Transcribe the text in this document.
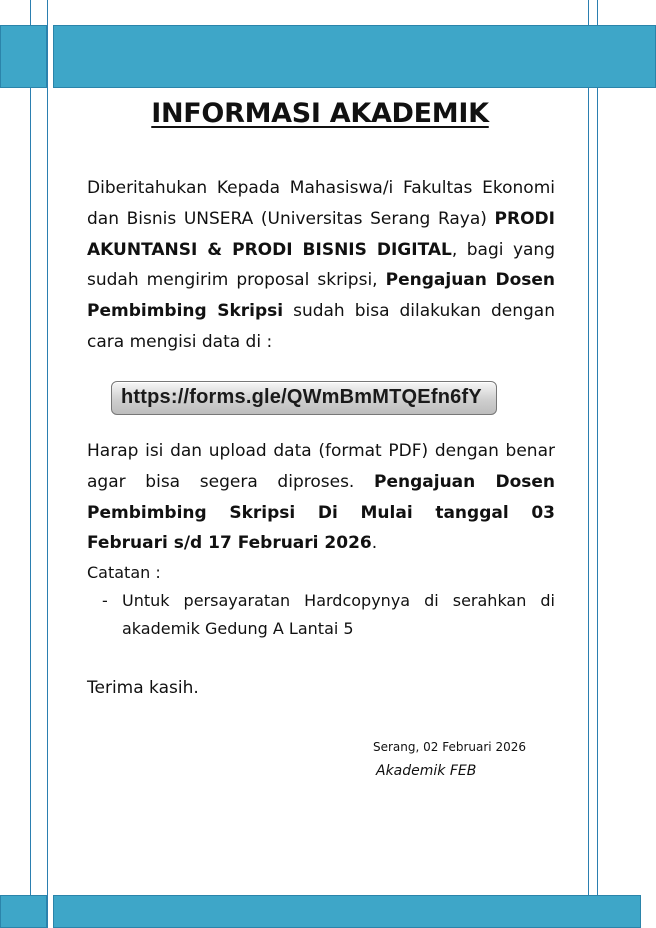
INFORMASI AKADEMIK

Diberitahukan Kepada Mahasiswa/i Fakultas Ekonomi dan Bisnis UNSERA (Universitas Serang Raya) PRODI AKUNTANSI & PRODI BISNIS DIGITAL, bagi yang sudah mengirim proposal skripsi, Pengajuan Dosen Pembimbing Skripsi sudah bisa dilakukan dengan cara mengisi data di :

https://forms.gle/QWmBmMTQEfn6fY

Harap isi dan upload data (format PDF) dengan benar agar bisa segera diproses. Pengajuan Dosen Pembimbing Skripsi Di Mulai tanggal 03 Februari s/d 17 Februari 2026.

Catatan :

- Untuk persayaratan Hardcopynya di serahkan di akademik Gedung A Lantai 5
Terima kasih.
Serang, 02 Februari 2026
Akademik FEB
